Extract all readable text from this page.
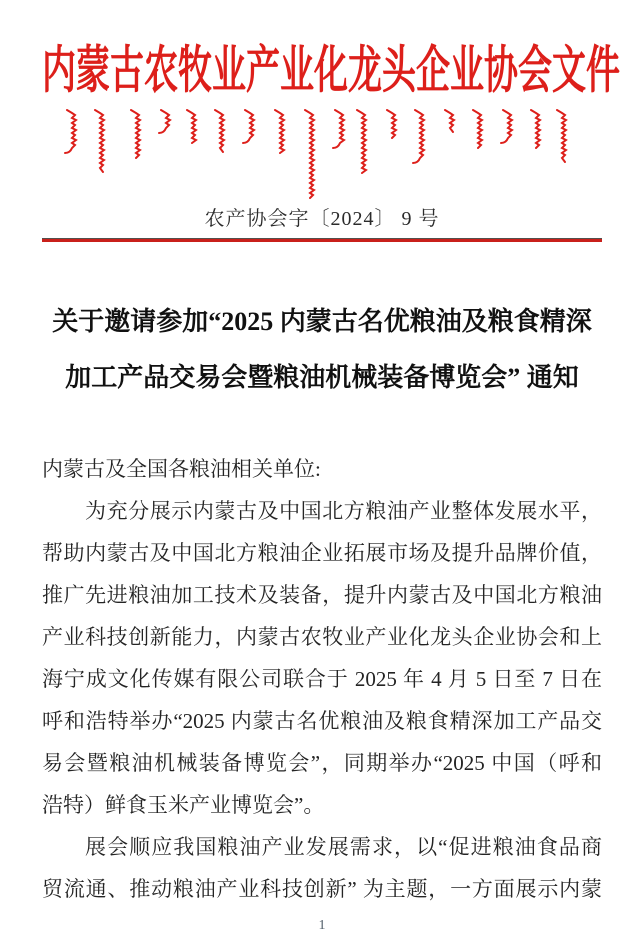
内蒙古农牧业产业化龙头企业协会文件
农产协会字〔2024〕 9 号
关于邀请参加“2025 内蒙古名优粮油及粮食精深
加工产品交易会暨粮油机械装备博览会” 通知

内蒙古及全国各粮油相关单位:

为充分展示内蒙古及中国北方粮油产业整体发展水平，

帮助内蒙古及中国北方粮油企业拓展市场及提升品牌价值，

推广先进粮油加工技术及装备，提升内蒙古及中国北方粮油

产业科技创新能力，内蒙古农牧业产业化龙头企业协会和上

海宁成文化传媒有限公司联合于 2025 年 4 月 5 日至 7 日在

呼和浩特举办“2025 内蒙古名优粮油及粮食精深加工产品交

易会暨粮油机械装备博览会”，同期举办“2025 中国（呼和

浩特）鲜食玉米产业博览会”。

展会顺应我国粮油产业发展需求，以“促进粮油食品商

贸流通、推动粮油产业科技创新” 为主题，一方面展示内蒙

1
